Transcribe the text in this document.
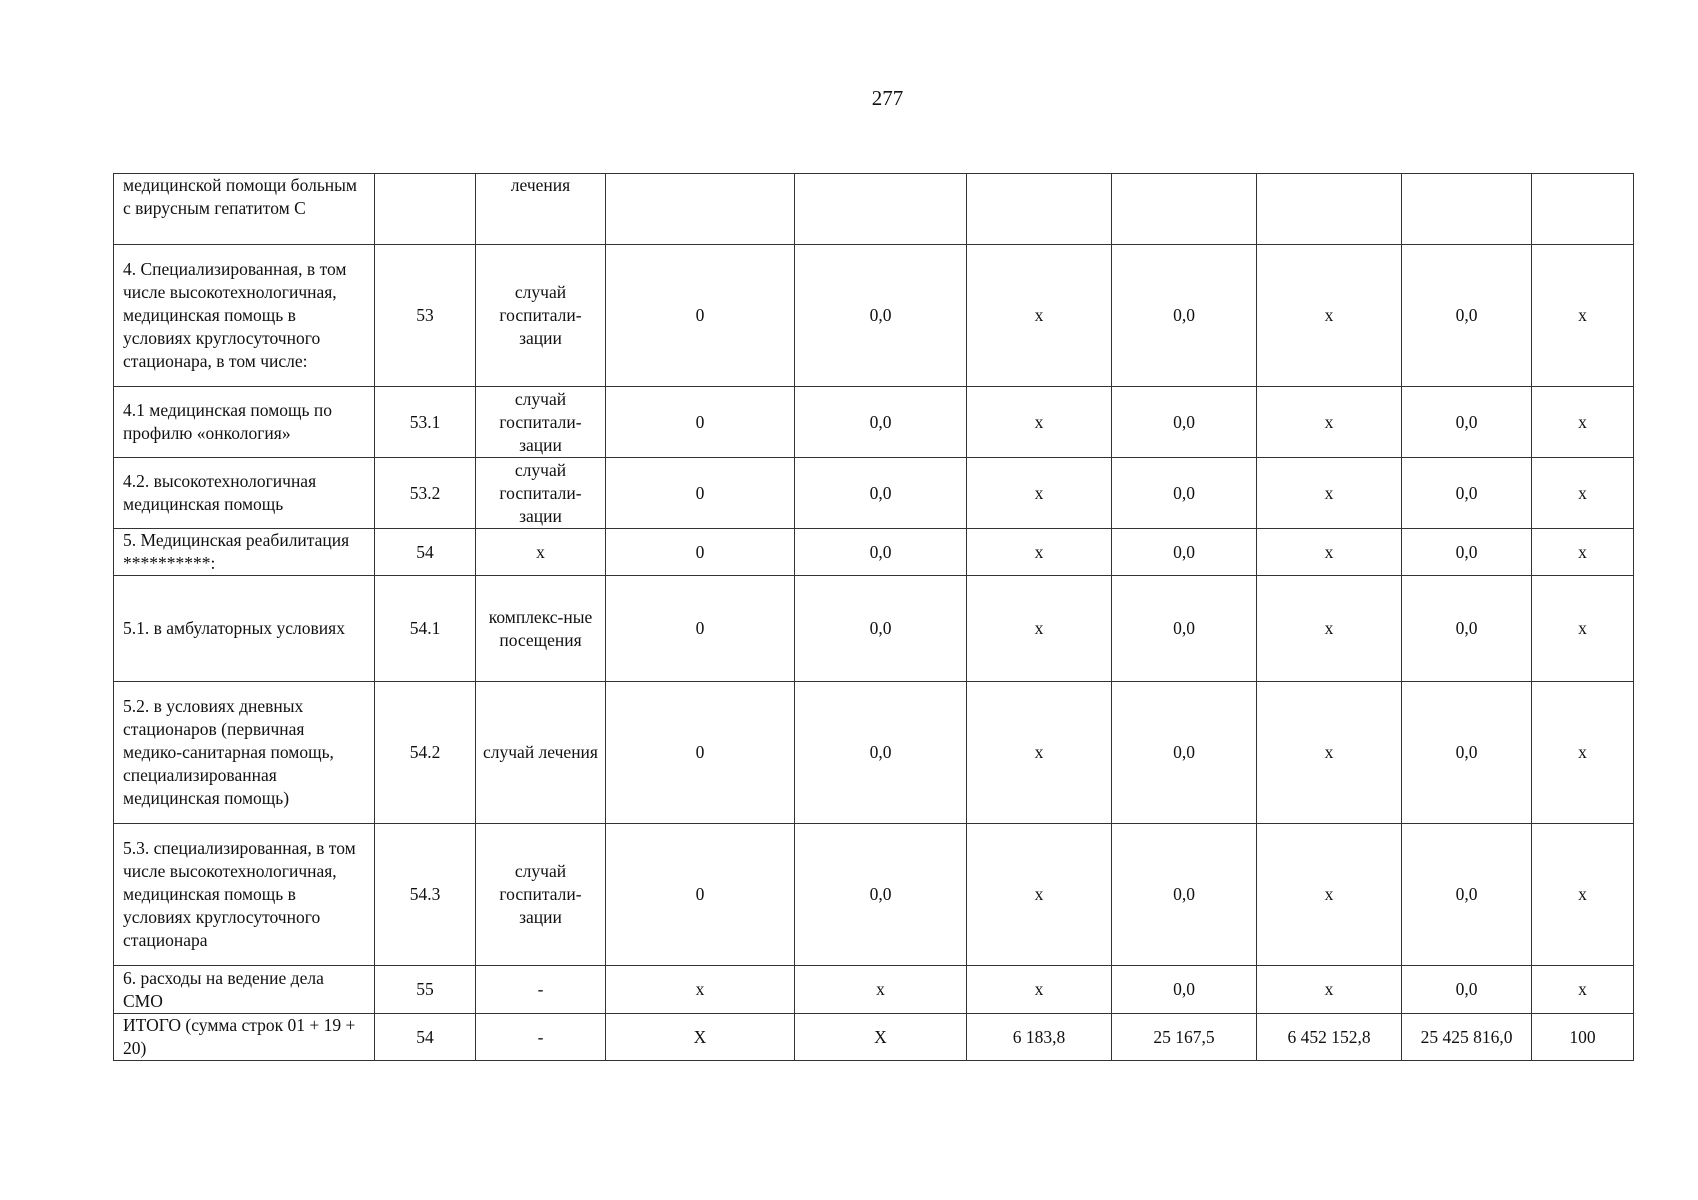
277
медицинской помощи больным с вирусным гепатитом С		лечения							
4. Специализированная, в том числе высокотехнологичная, медицинская помощь в условиях круглосуточного стационара, в том числе:	53	случай госпитали-зации	0	0,0	х	0,0	х	0,0	х
4.1 медицинская помощь по профилю «онкология»	53.1	случай госпитали-зации	0	0,0	х	0,0	х	0,0	х
4.2. высокотехнологичная медицинская помощь	53.2	случай госпитали-зации	0	0,0	х	0,0	х	0,0	х
5. Медицинская реабилитация **********:	54	х	0	0,0	х	0,0	х	0,0	х
5.1. в амбулаторных условиях	54.1	комплекс-ные посещения	0	0,0	х	0,0	х	0,0	х
5.2. в условиях дневных стационаров (первичная медико-санитарная помощь, специализированная медицинская помощь)	54.2	случай лечения	0	0,0	х	0,0	х	0,0	х
5.3. специализированная, в том числе высокотехнологичная, медицинская помощь в условиях круглосуточного стационара	54.3	случай госпитали-зации	0	0,0	х	0,0	х	0,0	х
6. расходы на ведение дела СМО	55	-	х	х	х	0,0	х	0,0	х
ИТОГО (сумма строк 01 + 19 + 20)	54	-	X	X	6 183,8	25 167,5	6 452 152,8	25 425 816,0	100
